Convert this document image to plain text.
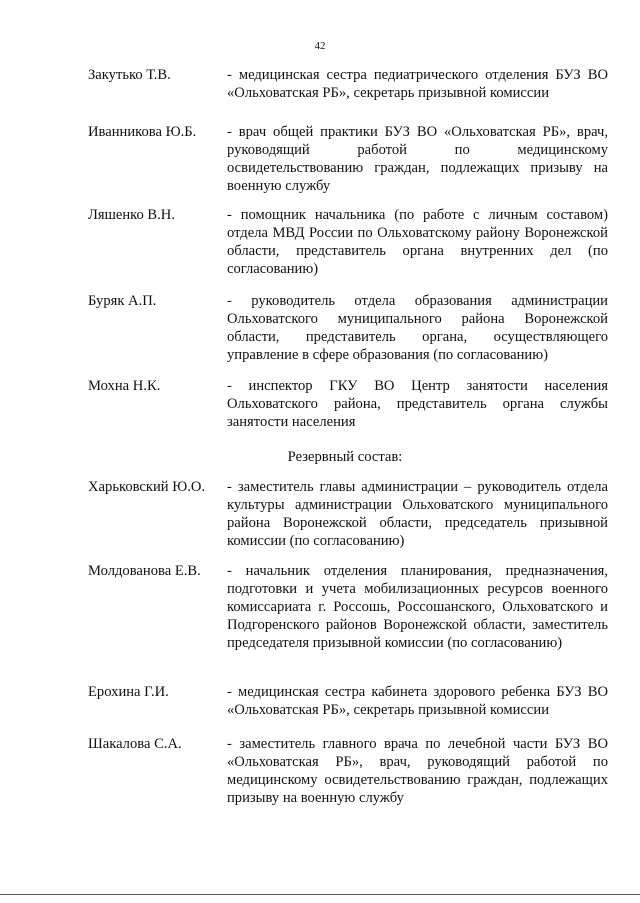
42
Закутько Т.В.	- медицинская сестра педиатрического отделения БУЗ ВО «Ольховатская РБ», секретарь призывной комиссии
Иванникова Ю.Б.	- врач общей практики БУЗ ВО «Ольховатская РБ», врач, руководящий работой по медицинскому освидетельствованию граждан, подлежащих призыву на военную службу
Ляшенко В.Н.	- помощник начальника (по работе с личным составом) отдела МВД России по Ольховатскому району Воронежской области, представитель органа внутренних дел (по согласованию)
Буряк А.П.	- руководитель отдела образования администрации Ольховатского муниципального района Воронежской области, представитель органа, осуществляющего управление в сфере образования (по согласованию)
Мохна Н.К.	- инспектор ГКУ ВО Центр занятости населения Ольховатского района, представитель органа службы занятости населения
Резервный состав:
Харьковский Ю.О.	- заместитель главы администрации – руководитель отдела культуры администрации Ольховатского муниципального района Воронежской области, председатель призывной комиссии (по согласованию)
Молдованова Е.В.	- начальник отделения планирования, предназначения, подготовки и учета мобилизационных ресурсов военного комиссариата г. Россошь, Россошанского, Ольховатского и Подгоренского районов Воронежской области, заместитель председателя призывной комиссии (по согласованию)
Ерохина Г.И.	- медицинская сестра кабинета здорового ребенка БУЗ ВО «Ольховатская РБ», секретарь призывной комиссии
Шакалова С.А.	- заместитель главного врача по лечебной части БУЗ ВО «Ольховатская РБ», врач, руководящий работой по медицинскому освидетельствованию граждан, подлежащих призыву на военную службу
